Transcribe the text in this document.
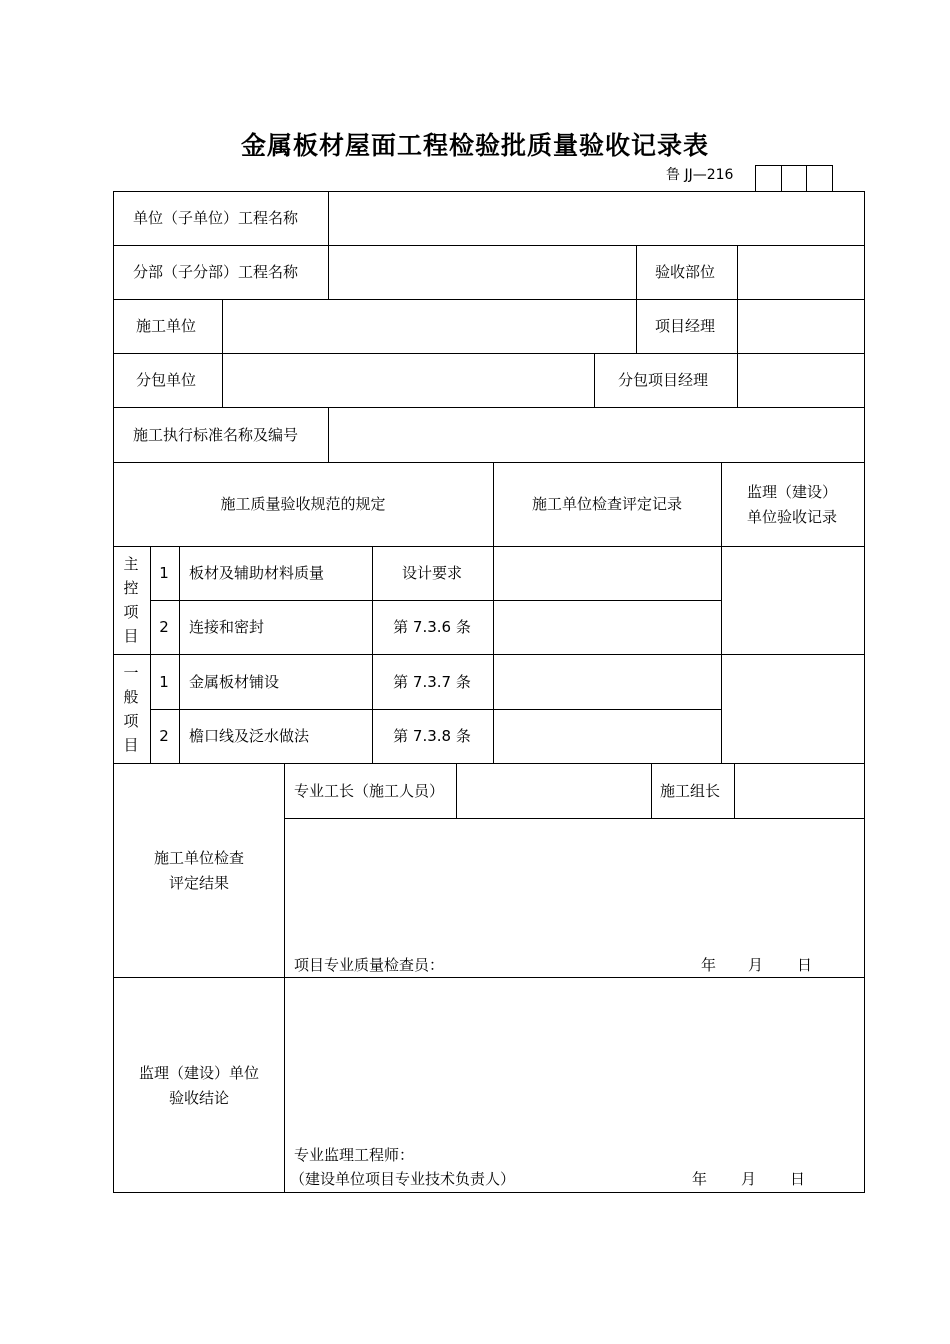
金属板材屋面工程检验批质量验收记录表
鲁 JJ—216
单位（子单位）工程名称
分部（子分部）工程名称	验收部位
施工单位	项目经理
分包单位	分包项目经理
施工执行标准名称及编号
施工质量验收规范的规定	施工单位检查评定记录
监理（建设）
单位验收记录
主
控
项
目
1 板材及辅助材料质量	设计要求
2 连接和密封	第 7.3.6 条
一
般
项
目
1 金属板材铺设	第 7.3.7 条
2 檐口线及泛水做法	第 7.3.8 条
施工单位检查
评定结果
专业工长（施工人员）	施工组长
项目专业质量检查员：	年 月 日
监理（建设）单位
验收结论
专业监理工程师：
（建设单位项目专业技术负责人）	年 月 日
